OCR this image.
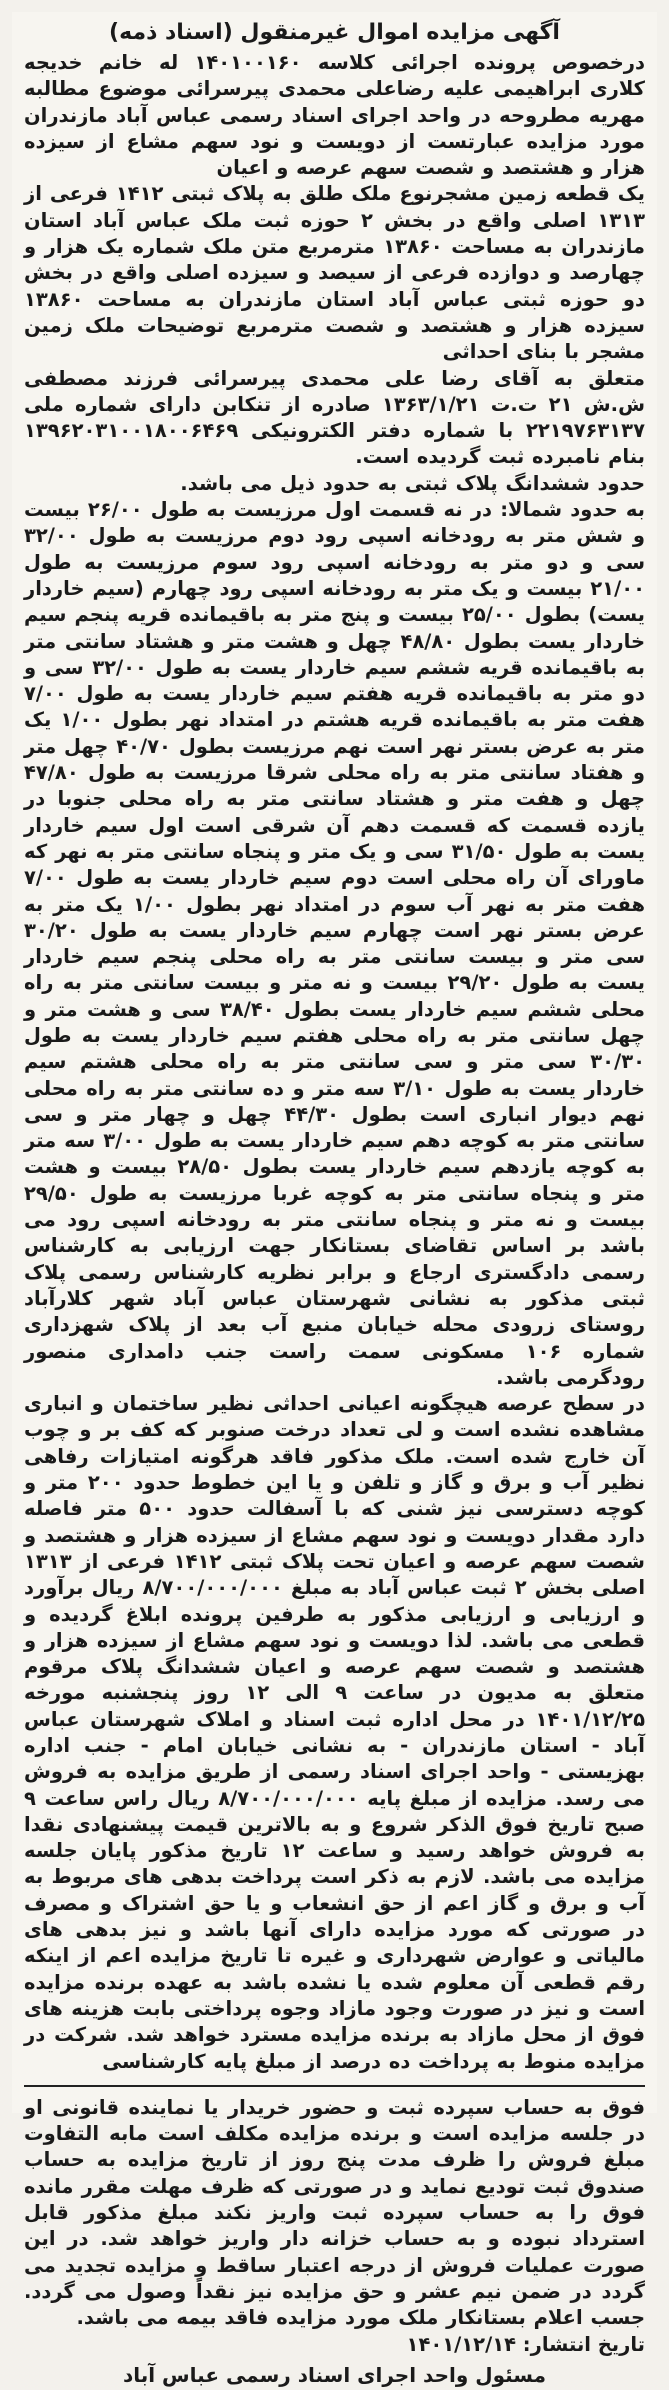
آگهی مزایده اموال غیرمنقول (اسناد ذمه)

درخصوص پرونده اجرائی کلاسه ۱۴۰۱۰۰۱۶۰ له خانم خدیجه کلاری ابراهیمی علیه رضاعلی محمدی پیرسرائی موضوع مطالبه مهریه مطروحه در واحد اجرای اسناد رسمی عباس آباد مازندران مورد مزایده عبارتست از دویست و نود سهم مشاع از سیزده هزار و هشتصد و شصت سهم عرصه و اعیان

یک قطعه زمین مشجرنوع ملک طلق به پلاک ثبتی ۱۴۱۲ فرعی از ۱۳۱۳ اصلی واقع در بخش ۲ حوزه ثبت ملک عباس آباد استان مازندران به مساحت ۱۳۸۶۰ مترمربع متن ملک شماره یک هزار و چهارصد و دوازده فرعی از سیصد و سیزده اصلی واقع در بخش دو حوزه ثبتی عباس آباد استان مازندران به مساحت ۱۳۸۶۰ سیزده هزار و هشتصد و شصت مترمربع توضیحات ملک زمین مشجر با بنای احداثی

متعلق به آقای رضا علی محمدی پیرسرائی فرزند مصطفی ش.ش ۲۱ ت.ت ۱۳۶۳/۱/۲۱ صادره از تنکابن دارای شماره ملی ۲۲۱۹۷۶۳۱۳۷ با شماره دفتر الکترونیکی ۱۳۹۶۲۰۳۱۰۰۱۸۰۰۶۴۶۹ بنام نامبرده ثبت گردیده است.

حدود ششدانگ پلاک ثبتی به حدود ذیل می باشد.

به حدود شمالا: در نه قسمت اول مرزیست به طول ۲۶/۰۰ بیست و شش متر به رودخانه اسپی رود دوم مرزیست به طول ۳۲/۰۰ سی و دو متر به رودخانه اسپی رود سوم مرزیست به طول ۲۱/۰۰ بیست و یک متر به رودخانه اسپی رود چهارم (سیم خاردار یست) بطول ۲۵/۰۰ بیست و پنج متر به باقیمانده قریه پنجم سیم خاردار یست بطول ۴۸/۸۰ چهل و هشت متر و هشتاد سانتی متر به باقیمانده قریه ششم سیم خاردار یست به طول ۳۲/۰۰ سی و دو متر به باقیمانده قریه هفتم سیم خاردار یست به طول ۷/۰۰ هفت متر به باقیمانده قریه هشتم در امتداد نهر بطول ۱/۰۰ یک متر به عرض بستر نهر است نهم مرزیست بطول ۴۰/۷۰ چهل متر و هفتاد سانتی متر به راه محلی شرقا مرزیست به طول ۴۷/۸۰ چهل و هفت متر و هشتاد سانتی متر به راه محلی جنوبا در یازده قسمت که قسمت دهم آن شرقی است اول سیم خاردار یست به طول ۳۱/۵۰ سی و یک متر و پنجاه سانتی متر به نهر که ماورای آن راه محلی است دوم سیم خاردار یست به طول ۷/۰۰ هفت متر به نهر آب سوم در امتداد نهر بطول ۱/۰۰ یک متر به عرض بستر نهر است چهارم سیم خاردار یست به طول ۳۰/۲۰ سی متر و بیست سانتی متر به راه محلی پنجم سیم خاردار یست به طول ۲۹/۲۰ بیست و نه متر و بیست سانتی متر به راه محلی ششم سیم خاردار یست بطول ۳۸/۴۰ سی و هشت متر و چهل سانتی متر به راه محلی هفتم سیم خاردار یست به طول ۳۰/۳۰ سی متر و سی سانتی متر به راه محلی هشتم سیم خاردار یست به طول ۳/۱۰ سه متر و ده سانتی متر به راه محلی نهم دیوار انباری است بطول ۴۴/۳۰ چهل و چهار متر و سی سانتی متر به کوچه دهم سیم خاردار یست به طول ۳/۰۰ سه متر به کوچه یازدهم سیم خاردار یست بطول ۲۸/۵۰ بیست و هشت متر و پنجاه سانتی متر به کوچه غربا مرزیست به طول ۲۹/۵۰ بیست و نه متر و پنجاه سانتی متر به رودخانه اسپی رود می باشد بر اساس تقاضای بستانکار جهت ارزیابی به کارشناس رسمی دادگستری ارجاع و برابر نظریه کارشناس رسمی پلاک ثبتی مذکور به نشانی شهرستان عباس آباد شهر کلارآباد روستای زرودی محله خیابان منبع آب بعد از پلاک شهزداری شماره ۱۰۶ مسکونی سمت راست جنب دامداری منصور رودگرمی باشد.

در سطح عرصه هیچگونه اعیانی احداثی نظیر ساختمان و انباری مشاهده نشده است و لی تعداد درخت صنوبر که کف بر و چوب آن خارج شده است. ملک مذکور فاقد هرگونه امتیازات رفاهی نظیر آب و برق و گاز و تلفن و یا این خطوط حدود ۲۰۰ متر و کوچه دسترسی نیز شنی که با آسفالت حدود ۵۰۰ متر فاصله دارد مقدار دویست و نود سهم مشاع از سیزده هزار و هشتصد و شصت سهم عرصه و اعیان تحت پلاک ثبتی ۱۴۱۲ فرعی از ۱۳۱۳ اصلی بخش ۲ ثبت عباس آباد به مبلغ ۸/۷۰۰/۰۰۰/۰۰۰ ریال برآورد و ارزیابی و ارزیابی مذکور به طرفین پرونده ابلاغ گردیده و قطعی می باشد. لذا دویست و نود سهم مشاع از سیزده هزار و هشتصد و شصت سهم عرصه و اعیان ششدانگ پلاک مرقوم متعلق به مدیون در ساعت ۹ الی ۱۲ روز پنجشنبه مورخه ۱۴۰۱/۱۲/۲۵ در محل اداره ثبت اسناد و املاک شهرستان عباس آباد - استان مازندران - به نشانی خیابان امام - جنب اداره بهزیستی - واحد اجرای اسناد رسمی از طریق مزایده به فروش می رسد. مزایده از مبلغ پایه ۸/۷۰۰/۰۰۰/۰۰۰ ریال راس ساعت ۹ صبح تاریخ فوق الذکر شروع و به بالاترین قیمت پیشنهادی نقدا به فروش خواهد رسید و ساعت ۱۲ تاریخ مذکور پایان جلسه مزایده می باشد. لازم به ذکر است پرداخت بدهی های مربوط به آب و برق و گاز اعم از حق انشعاب و یا حق اشتراک و مصرف در صورتی که مورد مزایده دارای آنها باشد و نیز بدهی های مالیاتی و عوارض شهرداری و غیره تا تاریخ مزایده اعم از اینکه رقم قطعی آن معلوم شده یا نشده باشد به عهده برنده مزایده است و نیز در صورت وجود مازاد وجوه پرداختی بابت هزینه های فوق از محل مازاد به برنده مزایده مسترد خواهد شد. شرکت در مزایده منوط به پرداخت ده درصد از مبلغ پایه کارشناسی

فوق به حساب سپرده ثبت و حضور خریدار یا نماینده قانونی او در جلسه مزایده است و برنده مزایده مکلف است مابه التفاوت مبلغ فروش را ظرف مدت پنج روز از تاریخ مزایده به حساب صندوق ثبت تودیع نماید و در صورتی که ظرف مهلت مقرر مانده فوق را به حساب سپرده ثبت واریز نکند مبلغ مذکور قابل استرداد نبوده و به حساب خزانه دار واریز خواهد شد. در این صورت عملیات فروش از درجه اعتبار ساقط و مزایده تجدید می گردد در ضمن نیم عشر و حق مزایده نیز نقداً وصول می گردد. جسب اعلام بستانکار ملک مورد مزایده فاقد بیمه می باشد.

تاریخ انتشار: ۱۴۰۱/۱۲/۱۴

مسئول واحد اجرای اسناد رسمی عباس آباد
